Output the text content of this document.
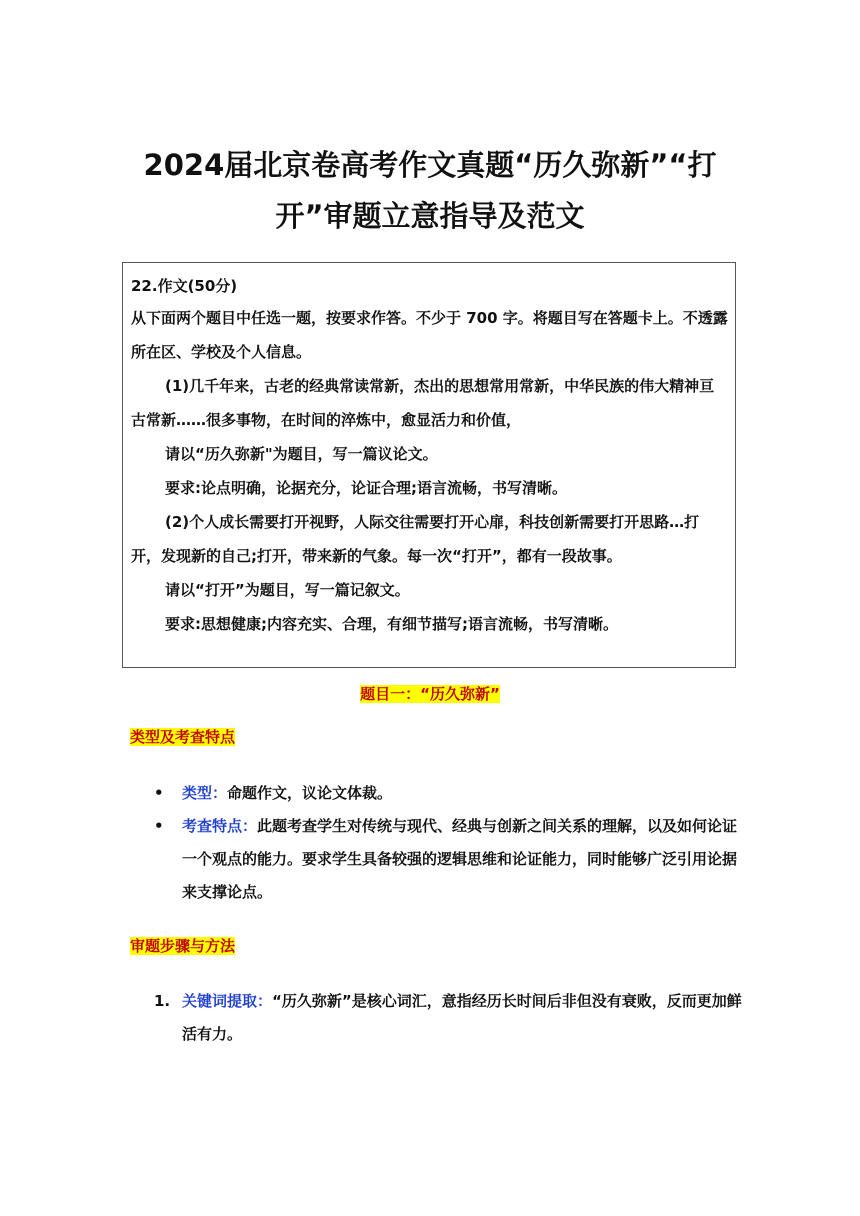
2024届北京卷高考作文真题“历久弥新”“打
开”审题立意指导及范文

22.作文(50分)

从下面两个题目中任选一题，按要求作答。不少于 700 字。将题目写在答题卡上。不透露所在区、学校及个人信息。

(1)几千年来，古老的经典常读常新，杰出的思想常用常新，中华民族的伟大精神亘古常新……很多事物，在时间的淬炼中，愈显活力和价值，

请以“历久弥新"为题目，写一篇议论文。

要求:论点明确，论据充分，论证合理;语言流畅，书写清晰。

(2)个人成长需要打开视野，人际交往需要打开心扉，科技创新需要打开思路…打开，发现新的自己;打开，带来新的气象。每一次“打开”，都有一段故事。

请以“打开”为题目，写一篇记叙文。

要求:思想健康;内容充实、合理，有细节描写;语言流畅，书写清晰。

题目一：“历久弥新”
类型及考查特点
• 类型：命题作文，议论文体裁。
• 考查特点：此题考查学生对传统与现代、经典与创新之间关系的理解，以及如何论证一个观点的能力。要求学生具备较强的逻辑思维和论证能力，同时能够广泛引用论据来支撑论点。
审题步骤与方法
1. 关键词提取：“历久弥新”是核心词汇，意指经历长时间后非但没有衰败，反而更加鲜活有力。
